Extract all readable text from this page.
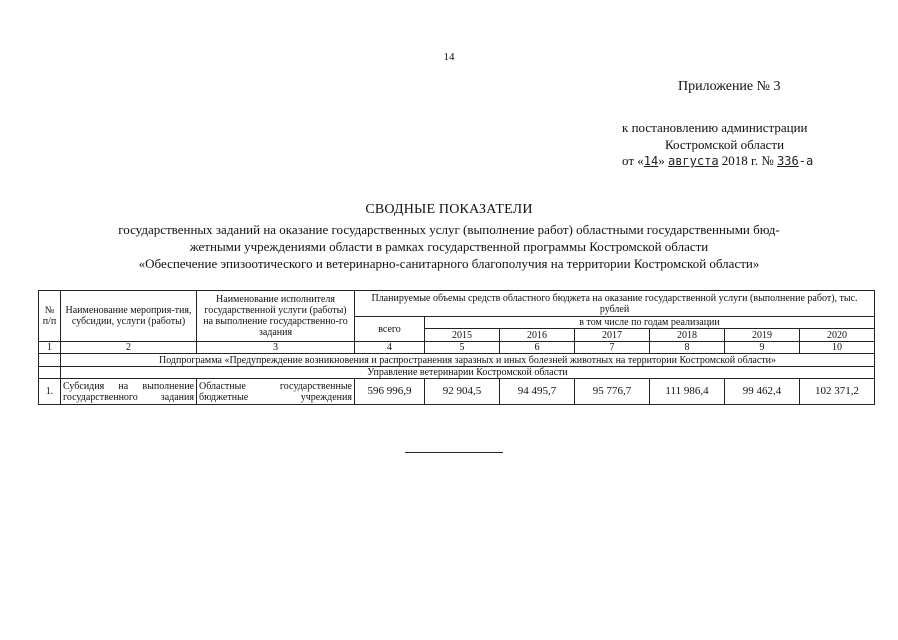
14
Приложение № 3
к постановлению администрации
Костромской области
от «14» августа 2018 г. № 336-а
СВОДНЫЕ ПОКАЗАТЕЛИ
государственных заданий на оказание государственных услуг (выполнение работ) областными государственными бюд-
жетными учреждениями области в рамках государственной программы Костромской области
«Обеспечение эпизоотического и ветеринарно-санитарного благополучия на территории Костромской области»
№ п/п	Наименование мероприя-тия, субсидии, услуги (работы)	Наименование исполнителя государственной услуги (работы) на выполнение государственно-го задания	Планируемые объемы средств областного бюджета на оказание государственной услуги (выполнение работ), тыс. рублей						
			всего	в том числе по годам реализации					
				2015	2016	2017	2018	2019	2020
1	2	3	4	5	6	7	8	9	10
	Подпрограмма «Предупреждение возникновения и распространения заразных и иных болезней животных на территории Костромской области»								
	Управление ветеринарии Костромской области								
1.	Субсидия на выполнение государственного задания	Областные государственные бюджетные учреждения	596 996,9	92 904,5	94 495,7	95 776,7	111 986,4	99 462,4	102 371,2
